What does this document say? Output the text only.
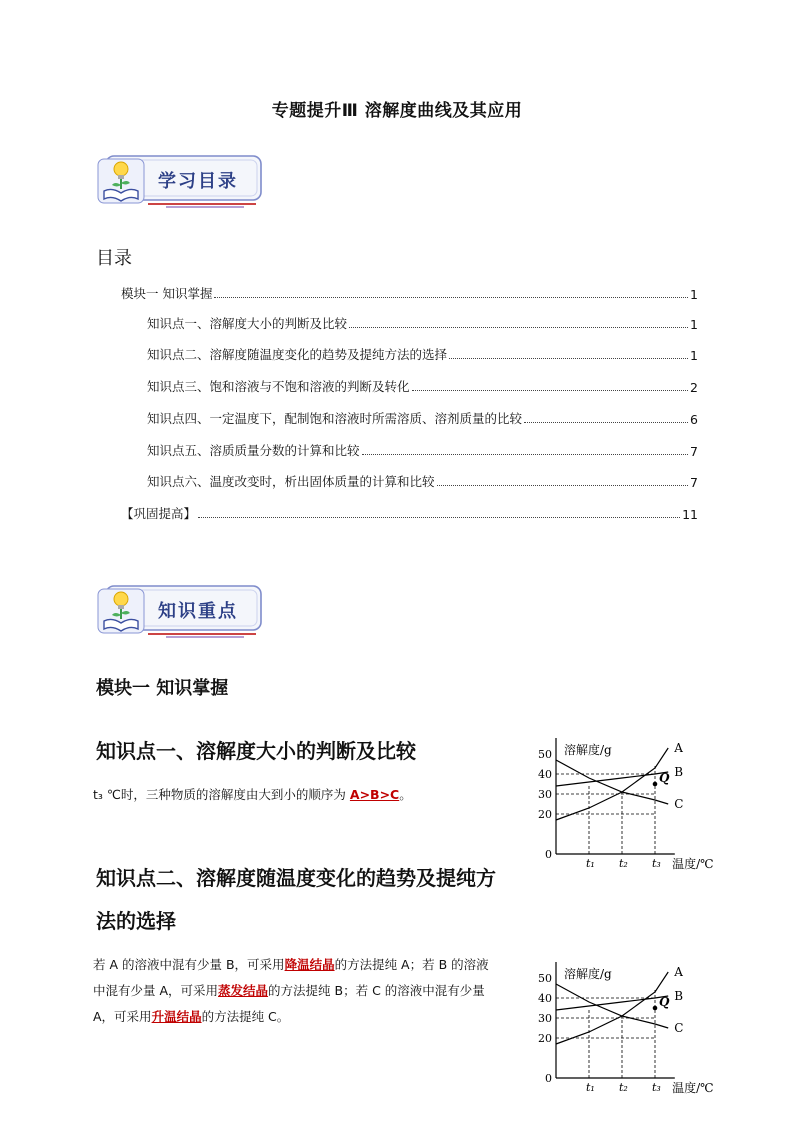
专题提升Ⅲ 溶解度曲线及其应用
学习目录
目录
模块一 知识掌握	1
知识点一、溶解度大小的判断及比较	1
知识点二、溶解度随温度变化的趋势及提纯方法的选择	1
知识点三、饱和溶液与不饱和溶液的判断及转化	2
知识点四、一定温度下，配制饱和溶液时所需溶质、溶剂质量的比较	6
知识点五、溶质质量分数的计算和比较	7
知识点六、温度改变时，析出固体质量的计算和比较	7
【巩固提高】	11
知识重点
模块一 知识掌握
知识点一、溶解度大小的判断及比较
t₃ ℃时，三种物质的溶解度由大到小的顺序为 A>B>C。
知识点二、溶解度随温度变化的趋势及提纯方
法的选择
若 A 的溶液中混有少量 B，可采用降温结晶的方法提纯 A；若 B 的溶液
中混有少量 A，可采用蒸发结晶的方法提纯 B；若 C 的溶液中混有少量
A，可采用升温结晶的方法提纯 C。
溶解度/g
温度/℃
0
20
30
40
50
t₁ t₂ t₃
A
B
C
Q
溶解度/g
温度/℃
0
20
30
40
50
t₁ t₂ t₃
A
B
C
Q
